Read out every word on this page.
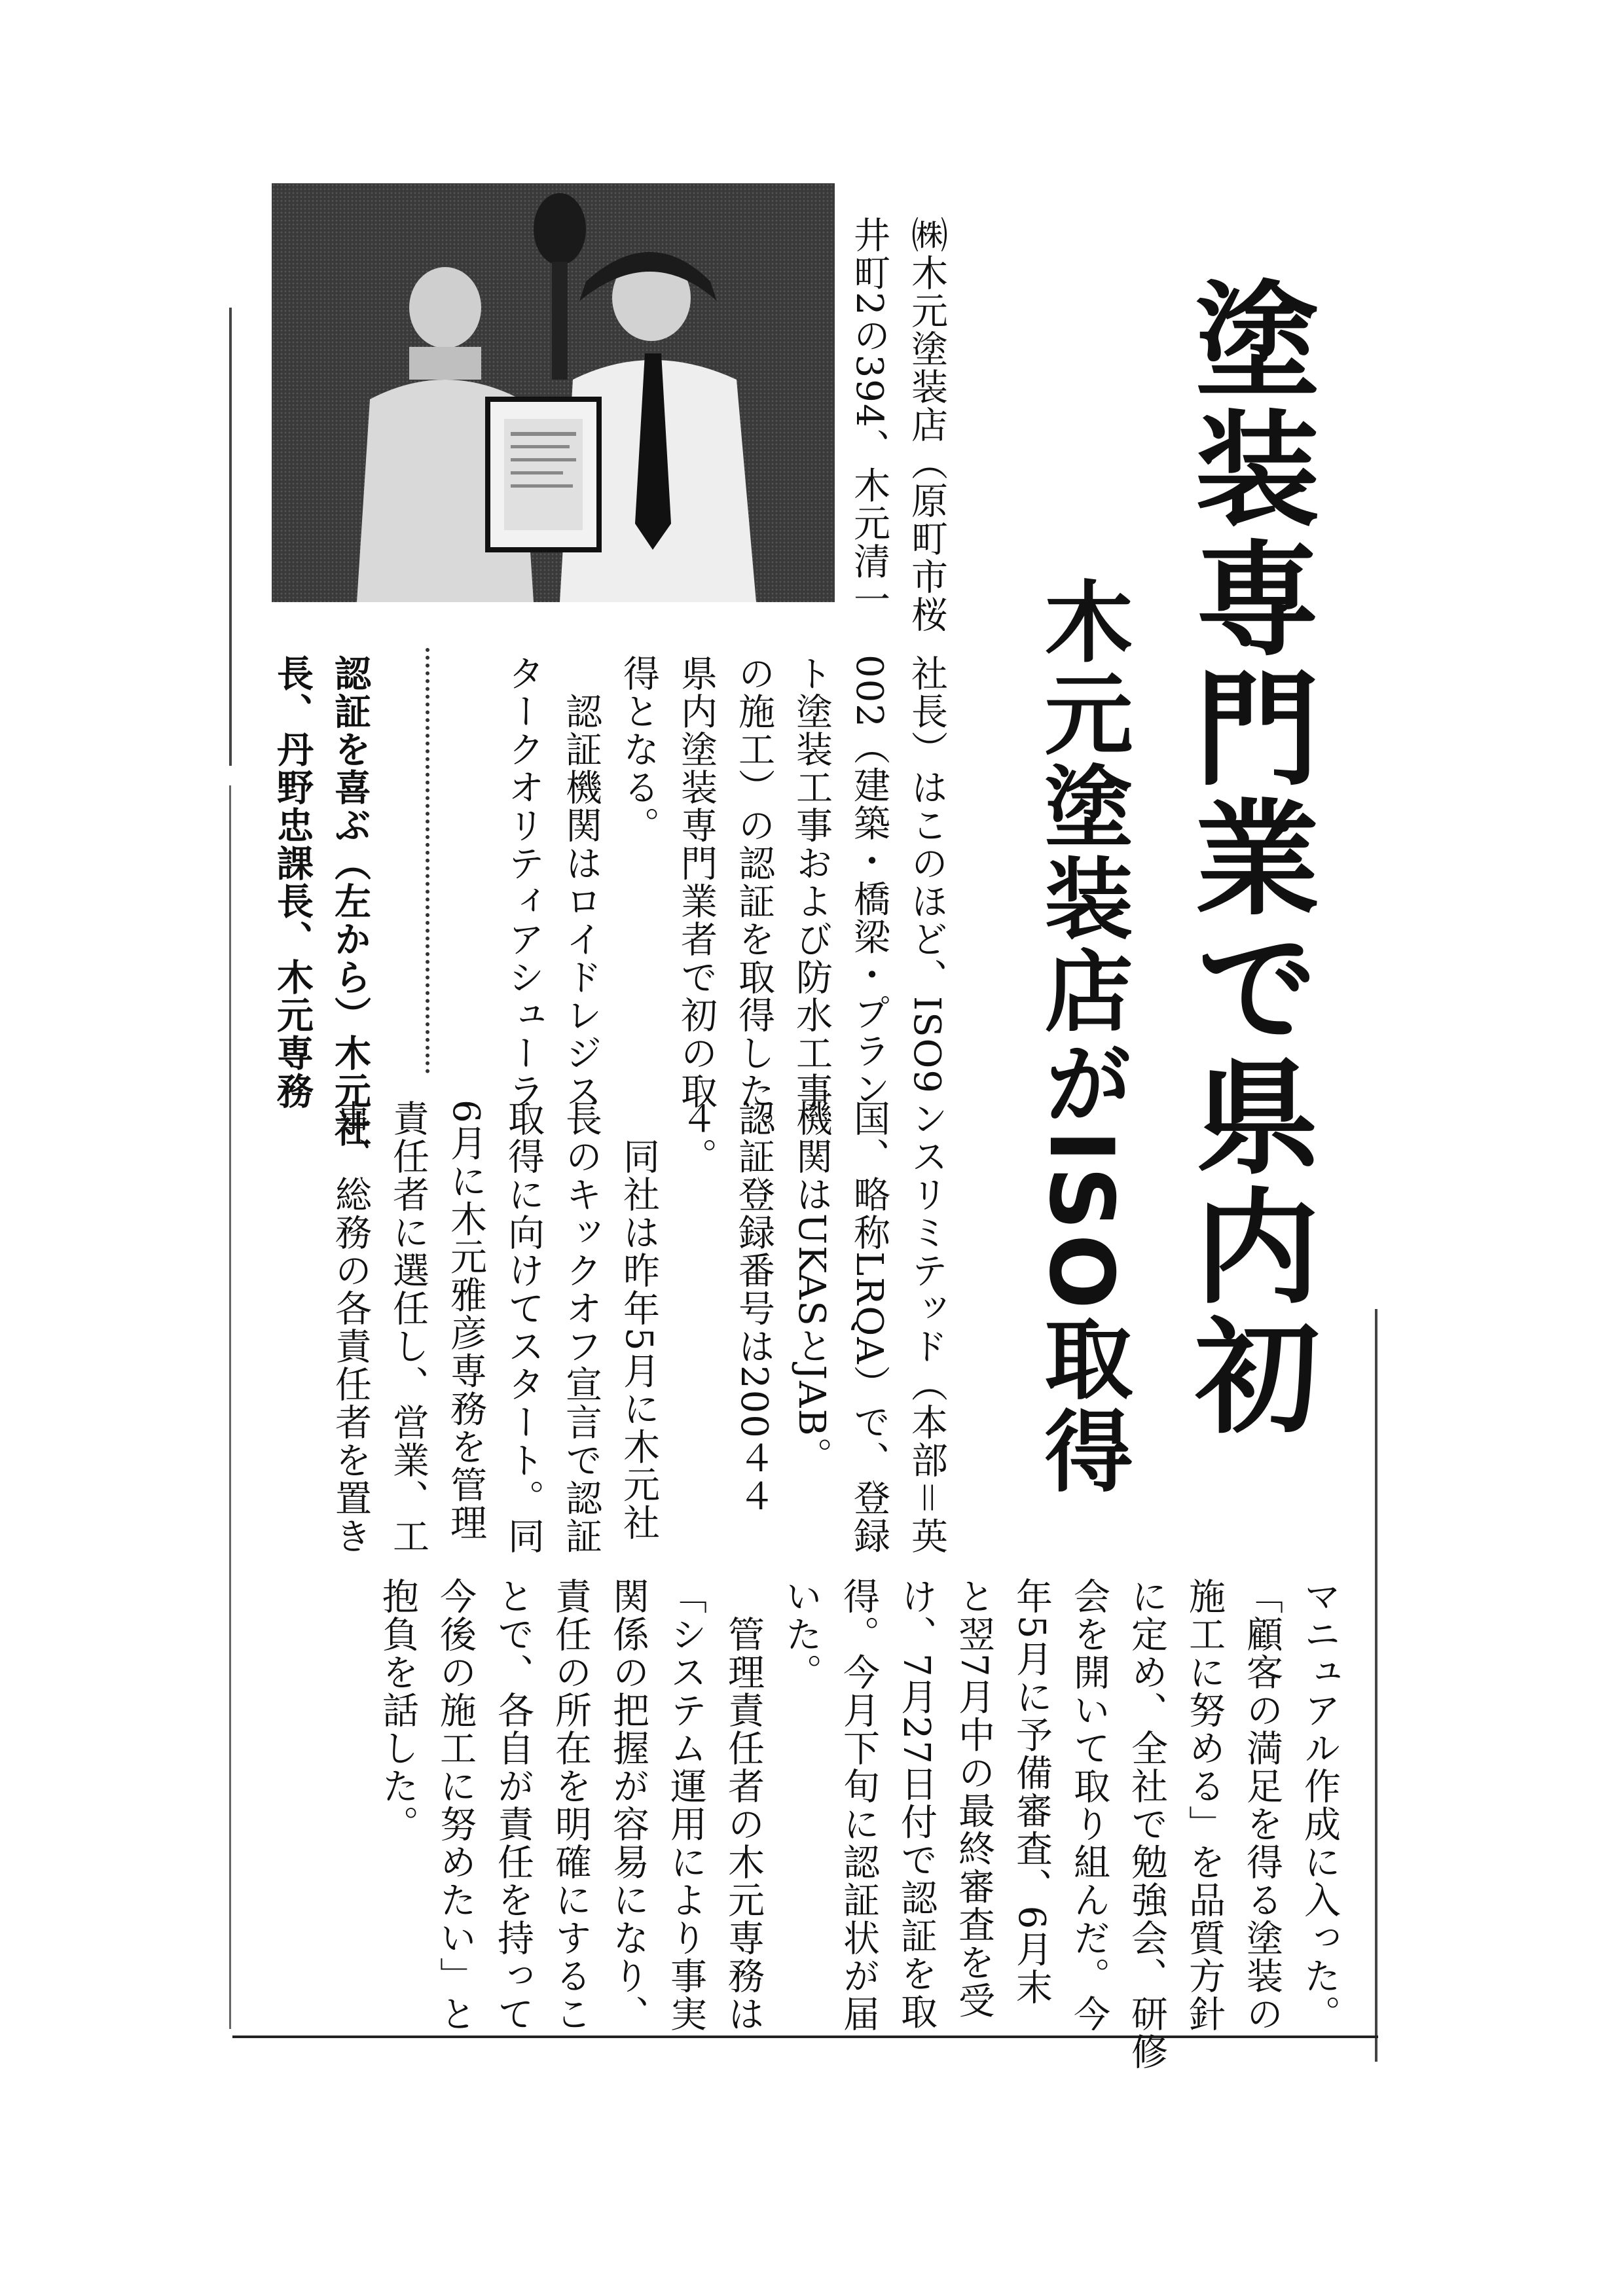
塗装専門業で県内初
木元塗装店がISO取得
㈱木元塗装店（原町市桜
井町2の394、木元清一
社長）はこのほど、ISO9
002（建築・橋梁・プラン
ト塗装工事および防水工事
の施工）の認証を取得した。
県内塗装専門業者で初の取
得となる。
　認証機関はロイドレジス
タークオリティアシューラ
ンスリミテッド（本部＝英
国、略称LRQA）で、登録
機関はUKASとJAB。
認証登録番号は200４４
４。
　同社は昨年5月に木元社
長のキックオフ宣言で認証
取得に向けてスタート。同
6月に木元雅彦専務を管理
責任者に選任し、営業、工
事、総務の各責任者を置き
マニュアル作成に入った。
「顧客の満足を得る塗装の
施工に努める」を品質方針
に定め、全社で勉強会、研修
会を開いて取り組んだ。今
年5月に予備審査、6月末
と翌7月中の最終審査を受
け、7月27日付で認証を取
得。今月下旬に認証状が届
いた。
　管理責任者の木元専務は
「システム運用により事実
関係の把握が容易になり、
責任の所在を明確にするこ
とで、各自が責任を持って
今後の施工に努めたい」と
抱負を話した。
認証を喜ぶ（左から）木元社
長、丹野忠課長、木元専務
